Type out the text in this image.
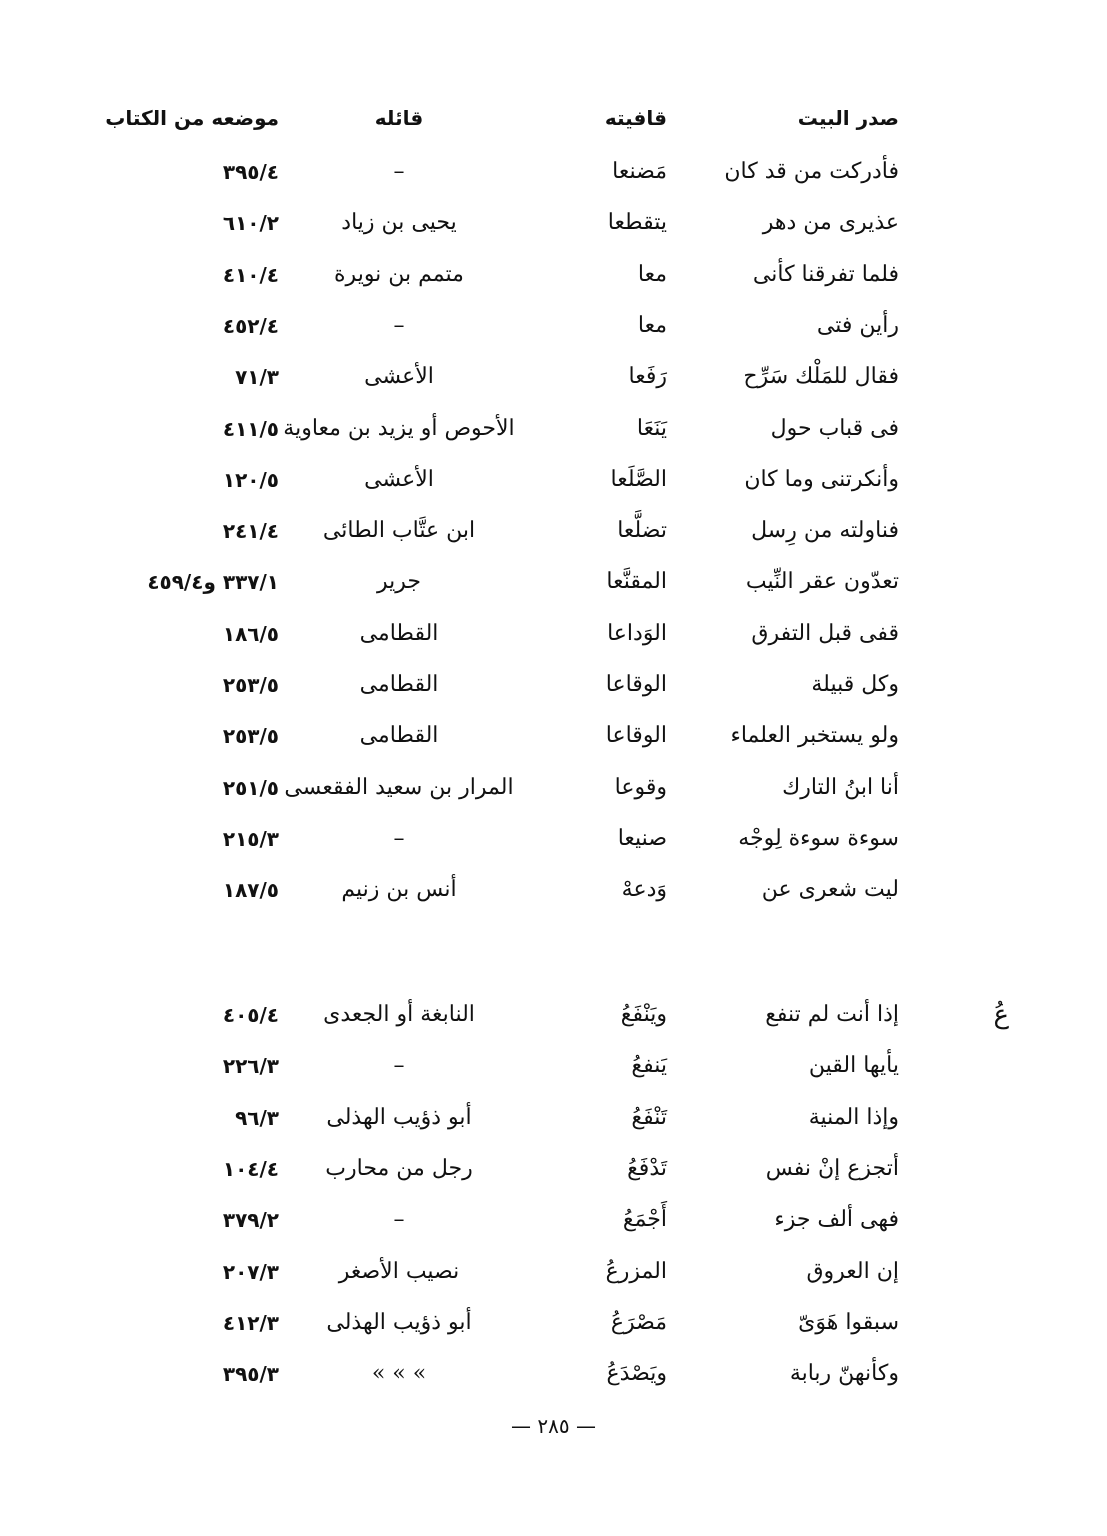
صدر البيت
قافيته
قائله
موضعه من الكتاب
فأدركت من قد كان
مَضنعا
–
٣٩٥/٤
عذيرى من دهر
يتقطعا
يحيى بن زياد
٦١٠/٢
فلما تفرقنا كأنى
معا
متمم بن نويرة
٤١٠/٤
رأين فتى
معا
–
٤٥٢/٤
فقال للمَلْك سَرِّح
رَفَعا
الأعشى
٧١/٣
فى قباب حول
يَنَعَا
الأحوص أو يزيد بن معاوية
٤١١/٥
وأنكرتنى وما كان
الصَّلَعا
الأعشى
١٢٠/٥
فناولته من رِسل
تضلَّعا
ابن عتَّاب الطائى
٢٤١/٤
تعدّون عقر النِّيب
المقنَّعا
جرير
٣٣٧/١ و٤٥٩/٤
قفى قبل التفرق
الوَداعا
القطامى
١٨٦/٥
وكل قبيلة
الوقاعا
القطامى
٢٥٣/٥
ولو يستخبر العلماء
الوقاعا
القطامى
٢٥٣/٥
أنا ابنُ التارك
وقوعا
المرار بن سعيد الفقعسى
٢٥١/٥
سوءة سوءة لِوجْه
صنيعا
–
٢١٥/٣
ليت شعرى عن
وَدعهْ
أنس بن زنيم
١٨٧/٥
عُ
إذا أنت لم تنفع
ويَنْفَعُ
النابغة أو الجعدى
٤٠٥/٤
يأيها القين
يَنفعُ
–
٢٢٦/٣
وإذا المنية
تَنْفَعُ
أبو ذؤيب الهذلى
٩٦/٣
أتجزع إنْ نفس
تَدْفَعُ
رجل من محارب
١٠٤/٤
فهى ألف جزء
أَجْمَعُ
–
٣٧٩/٢
إن العروق
المزرعُ
نصيب الأصغر
٢٠٧/٣
سبقوا هَوَىّ
مَصْرَعُ
أبو ذؤيب الهذلى
٤١٢/٣
وكأنهنّ ربابة
ويَصْدَعُ
» » »
٣٩٥/٣
— ٢٨٥ —
